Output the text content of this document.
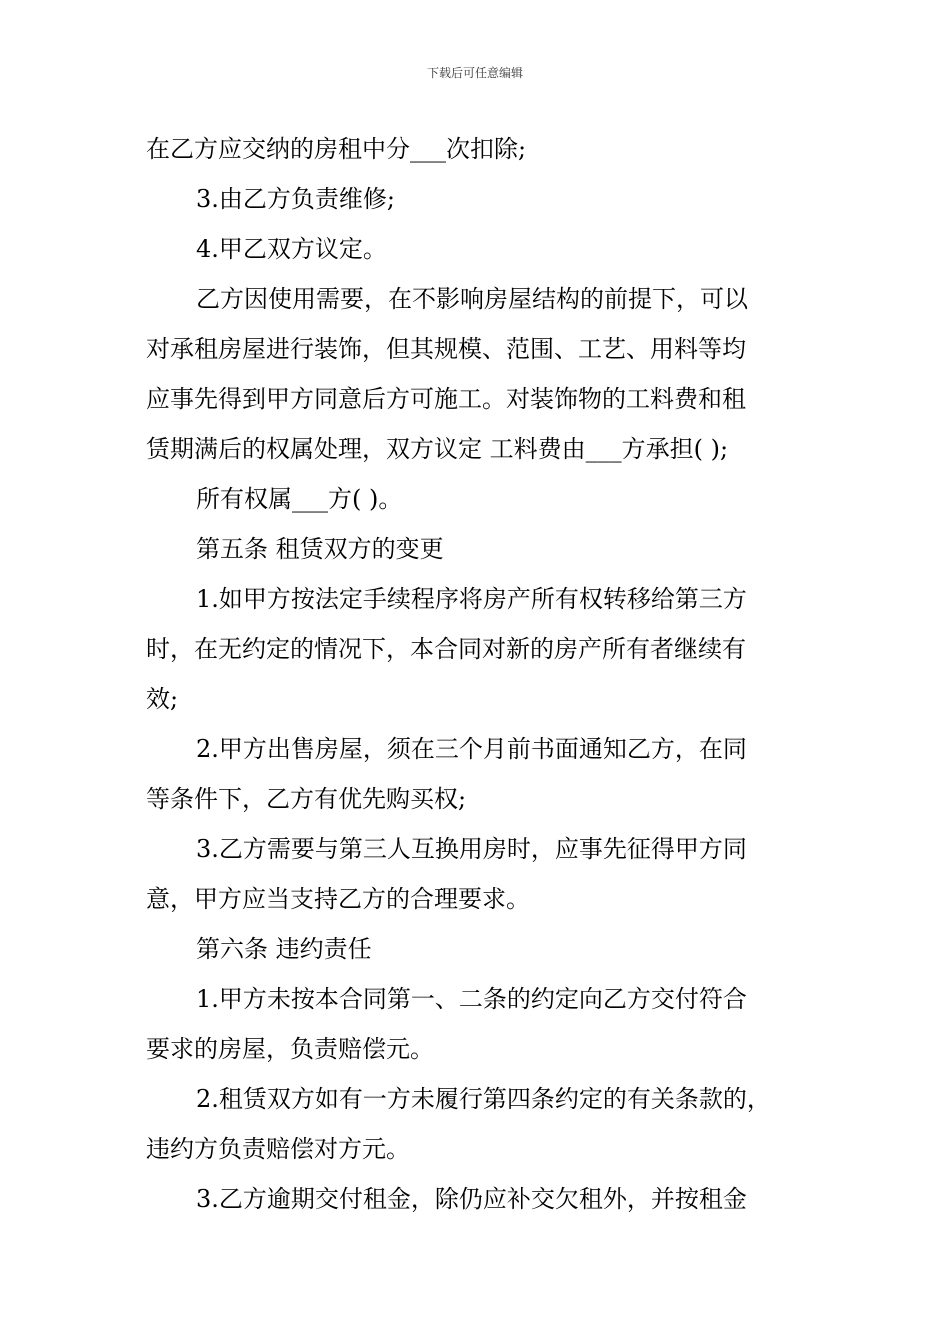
下载后可任意编辑
在乙方应交纳的房租中分___次扣除;
3.由乙方负责维修;
4.甲乙双方议定。
乙方因使用需要，在不影响房屋结构的前提下，可以
对承租房屋进行装饰，但其规模、范围、工艺、用料等均
应事先得到甲方同意后方可施工。对装饰物的工料费和租
赁期满后的权属处理，双方议定 工料费由___方承担( );
所有权属___方( )。
第五条 租赁双方的变更
1.如甲方按法定手续程序将房产所有权转移给第三方
时，在无约定的情况下，本合同对新的房产所有者继续有
效;
2.甲方出售房屋，须在三个月前书面通知乙方，在同
等条件下，乙方有优先购买权;
3.乙方需要与第三人互换用房时，应事先征得甲方同
意，甲方应当支持乙方的合理要求。
第六条 违约责任
1.甲方未按本合同第一、二条的约定向乙方交付符合
要求的房屋，负责赔偿元。
2.租赁双方如有一方未履行第四条约定的有关条款的，
违约方负责赔偿对方元。
3.乙方逾期交付租金，除仍应补交欠租外，并按租金
